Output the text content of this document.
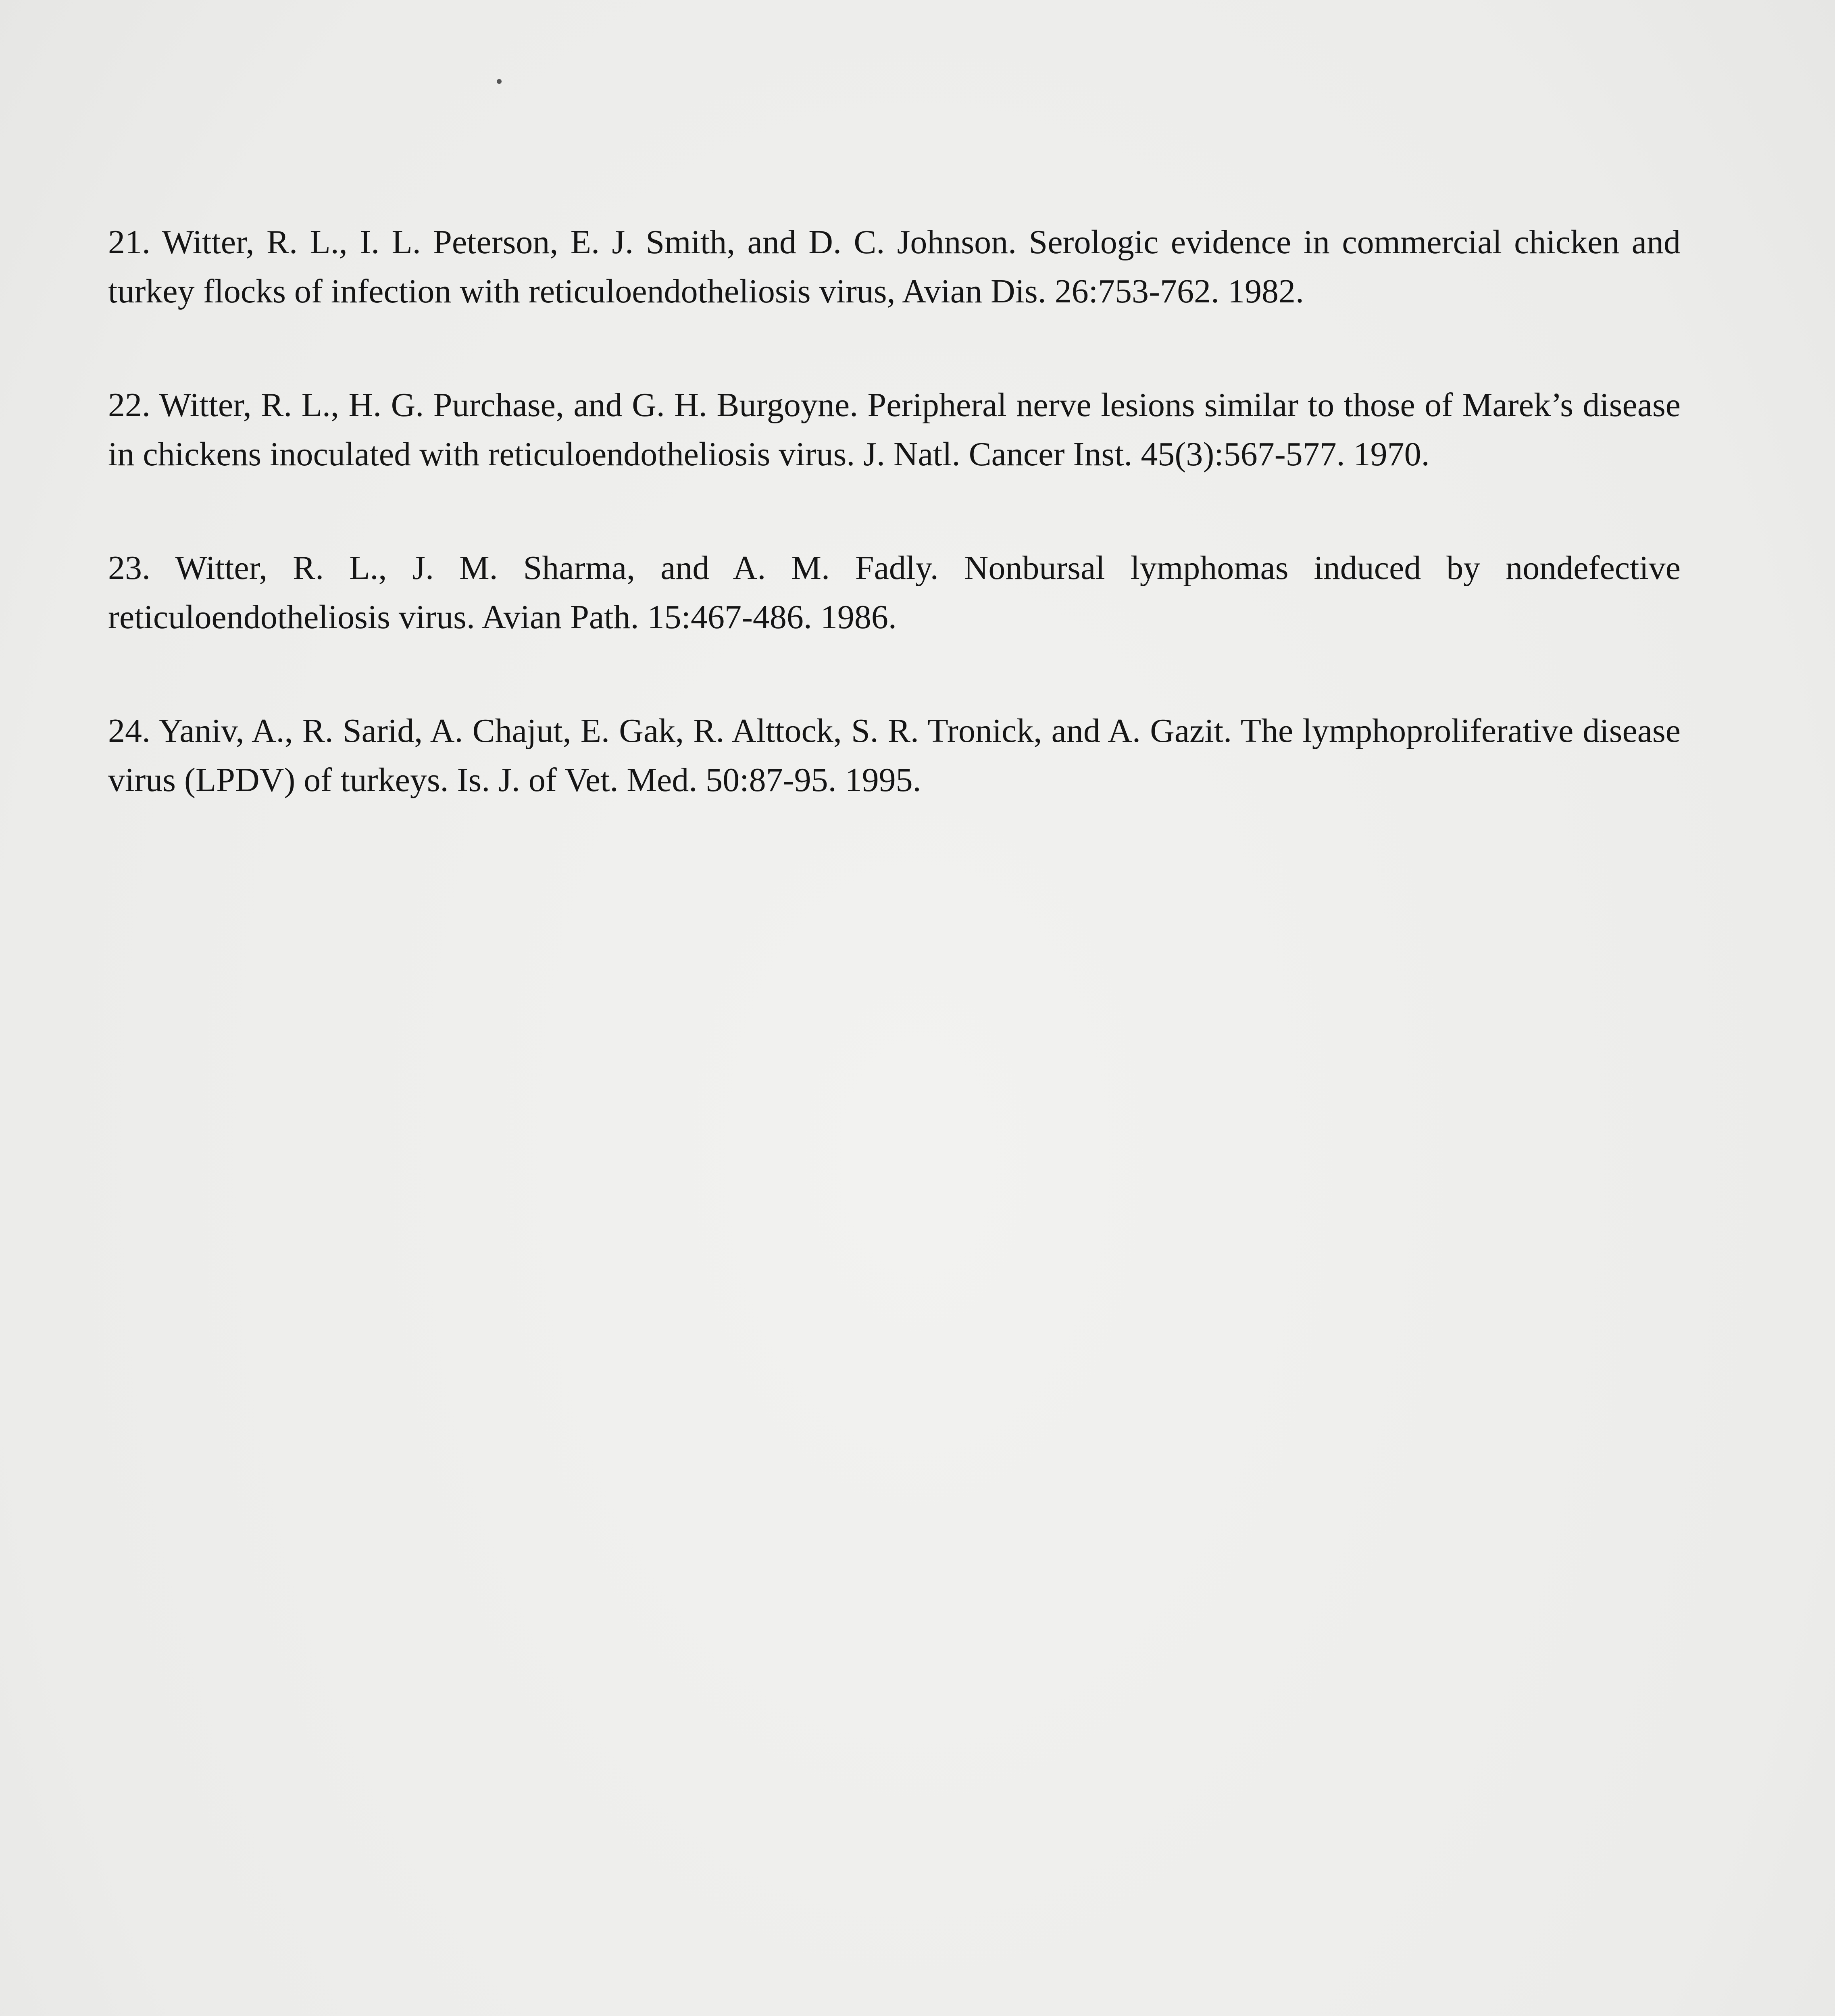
21. Witter, R. L., I. L. Peterson, E. J. Smith, and D. C. Johnson. Serologic evidence in commercial chicken and turkey flocks of infection with reticuloendotheliosis virus, Avian Dis. 26:753-762. 1982.

22. Witter, R. L., H. G. Purchase, and G. H. Burgoyne. Peripheral nerve lesions similar to those of Marek’s disease in chickens inoculated with reticuloendotheliosis virus. J. Natl. Cancer Inst. 45(3):567-577. 1970.

23. Witter, R. L., J. M. Sharma, and A. M. Fadly. Nonbursal lymphomas induced by nondefective reticuloendotheliosis virus. Avian Path. 15:467-486. 1986.

24. Yaniv, A., R. Sarid, A. Chajut, E. Gak, R. Alttock, S. R. Tronick, and A. Gazit. The lymphoproliferative disease virus (LPDV) of turkeys. Is. J. of Vet. Med. 50:87-95. 1995.
